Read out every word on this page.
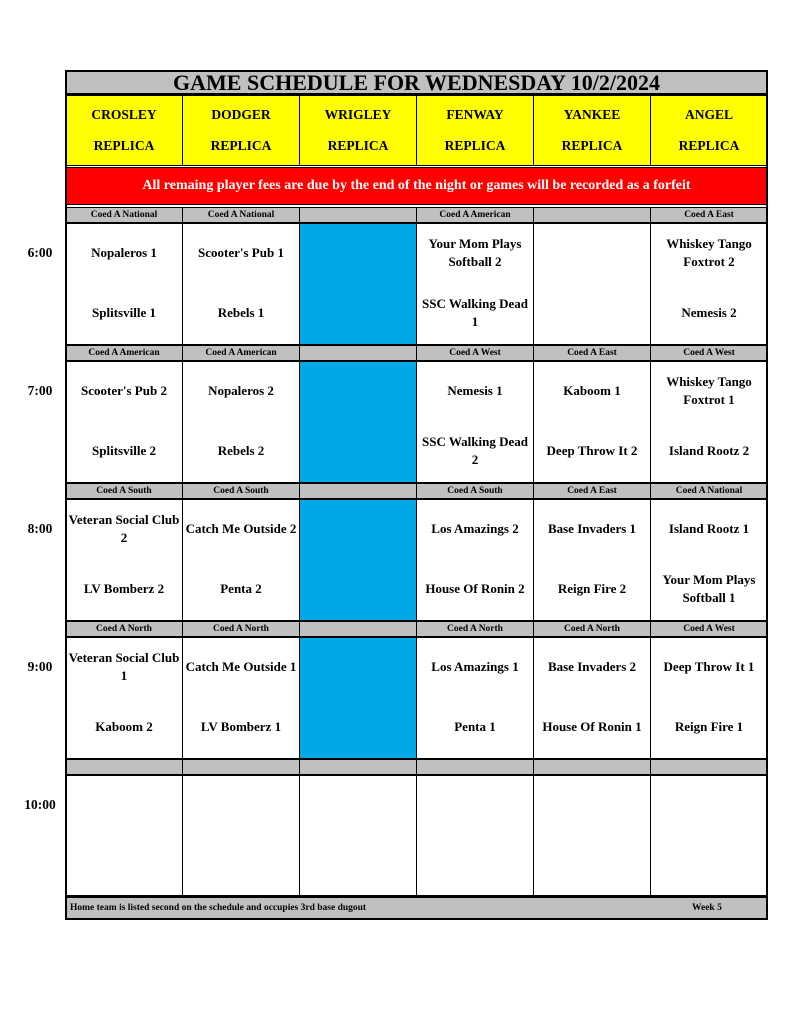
GAME SCHEDULE FOR WEDNESDAY 10/2/2024
All remaing player fees are due by the end of the night or games will be recorded as a forfeit
10:00
Home team is listed second on the schedule and occupies 3rd base dugout	Week 5
CROSLEY
REPLICA
DODGER
REPLICA
WRIGLEY
REPLICA
FENWAY
REPLICA
YANKEE
REPLICA
ANGEL
REPLICA
6:00
Coed A National
Nopaleros 1
Splitsville 1
Coed A National
Scooter's Pub 1
Rebels 1
Coed A American
Your Mom Plays Softball 2
SSC Walking Dead 1
Coed A East
Whiskey Tango Foxtrot 2
Nemesis 2
7:00
Coed A American
Scooter's Pub 2
Splitsville 2
Coed A American
Nopaleros 2
Rebels 2
Coed A West
Nemesis 1
SSC Walking Dead 2
Coed A East
Kaboom 1
Deep Throw It 2
Coed A West
Whiskey Tango Foxtrot 1
Island Rootz 2
8:00
Coed A South
Veteran Social Club 2
LV Bomberz 2
Coed A South
Catch Me Outside 2
Penta 2
Coed A South
Los Amazings 2
House Of Ronin 2
Coed A East
Base Invaders 1
Reign Fire 2
Coed A National
Island Rootz 1
Your Mom Plays Softball 1
9:00
Coed A North
Veteran Social Club 1
Kaboom 2
Coed A North
Catch Me Outside 1
LV Bomberz 1
Coed A North
Los Amazings 1
Penta 1
Coed A North
Base Invaders 2
House Of Ronin 1
Coed A West
Deep Throw It 1
Reign Fire 1
